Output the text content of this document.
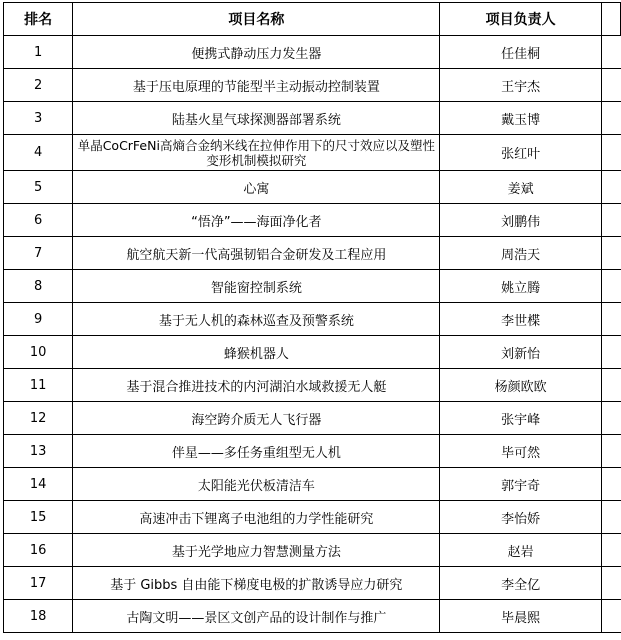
排名	项目名称	项目负责人	
1	便携式静动压力发生器	任佳桐	
2	基于压电原理的节能型半主动振动控制装置	王宇杰	
3	陆基火星气球探测器部署系统	戴玉博	
4	单晶CoCrFeNi高熵合金纳米线在拉伸作用下的尺寸效应以及塑性变形机制模拟研究	张红叶	
5	心寓	姜斌	
6	“悟净”——海面净化者	刘鹏伟	
7	航空航天新一代高强韧铝合金研发及工程应用	周浩天	
8	智能窗控制系统	姚立腾	
9	基于无人机的森林巡查及预警系统	李世楪	
10	蜂猴机器人	刘新怡	
11	基于混合推进技术的内河湖泊水域救援无人艇	杨颜欧欧	
12	海空跨介质无人飞行器	张宇峰	
13	伴星——多任务重组型无人机	毕可然	
14	太阳能光伏板清洁车	郭宇奇	
15	高速冲击下锂离子电池组的力学性能研究	李怡娇	
16	基于光学地应力智慧测量方法	赵岩	
17	基于 Gibbs 自由能下梯度电极的扩散诱导应力研究	李全亿	
18	古陶文明——景区文创产品的设计制作与推广	毕晨熙	
